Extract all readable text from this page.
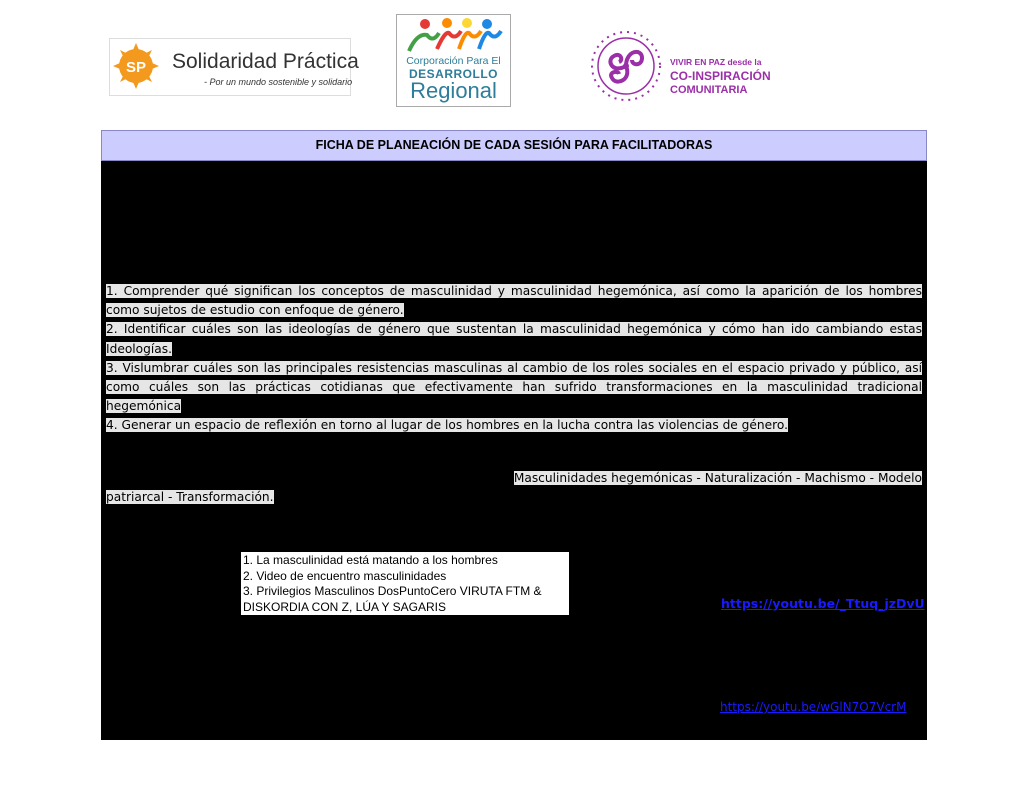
SP Solidaridad Práctica
- Por un mundo sostenible y solidario
Corporación Para El
DESARROLLO
Regional
VIVIR EN PAZ desde la
CO-INSPIRACIÓN
COMUNITARIA
FICHA DE PLANEACIÓN DE CADA SESIÓN PARA FACILITADORAS
1. Comprender qué significan los conceptos de masculinidad y masculinidad hegemónica, así como la aparición de los hombres como sujetos de estudio con enfoque de género.
2. Identificar cuáles son las ideologías de género que sustentan la masculinidad hegemónica y cómo han ido cambiando estas Ideologías.
3. Vislumbrar cuáles son las principales resistencias masculinas al cambio de los roles sociales en el espacio privado y público, así como cuáles son las prácticas cotidianas que efectivamente han sufrido transformaciones en la masculinidad tradicional hegemónica
4. Generar un espacio de reflexión en torno al lugar de los hombres en la lucha contra las violencias de género.
Masculinidades hegemónicas - Naturalización - Machismo - Modelo
patriarcal - Transformación.
1. La masculinidad está matando a los hombres
2. Video de encuentro masculinidades
3. Privilegios Masculinos DosPuntoCero VIRUTA FTM &
DISKORDIA CON Z, LÚA Y SAGARIS	https://youtu.be/_Ttuq_jzDvU
https://youtu.be/wGlN7O7VcrM
